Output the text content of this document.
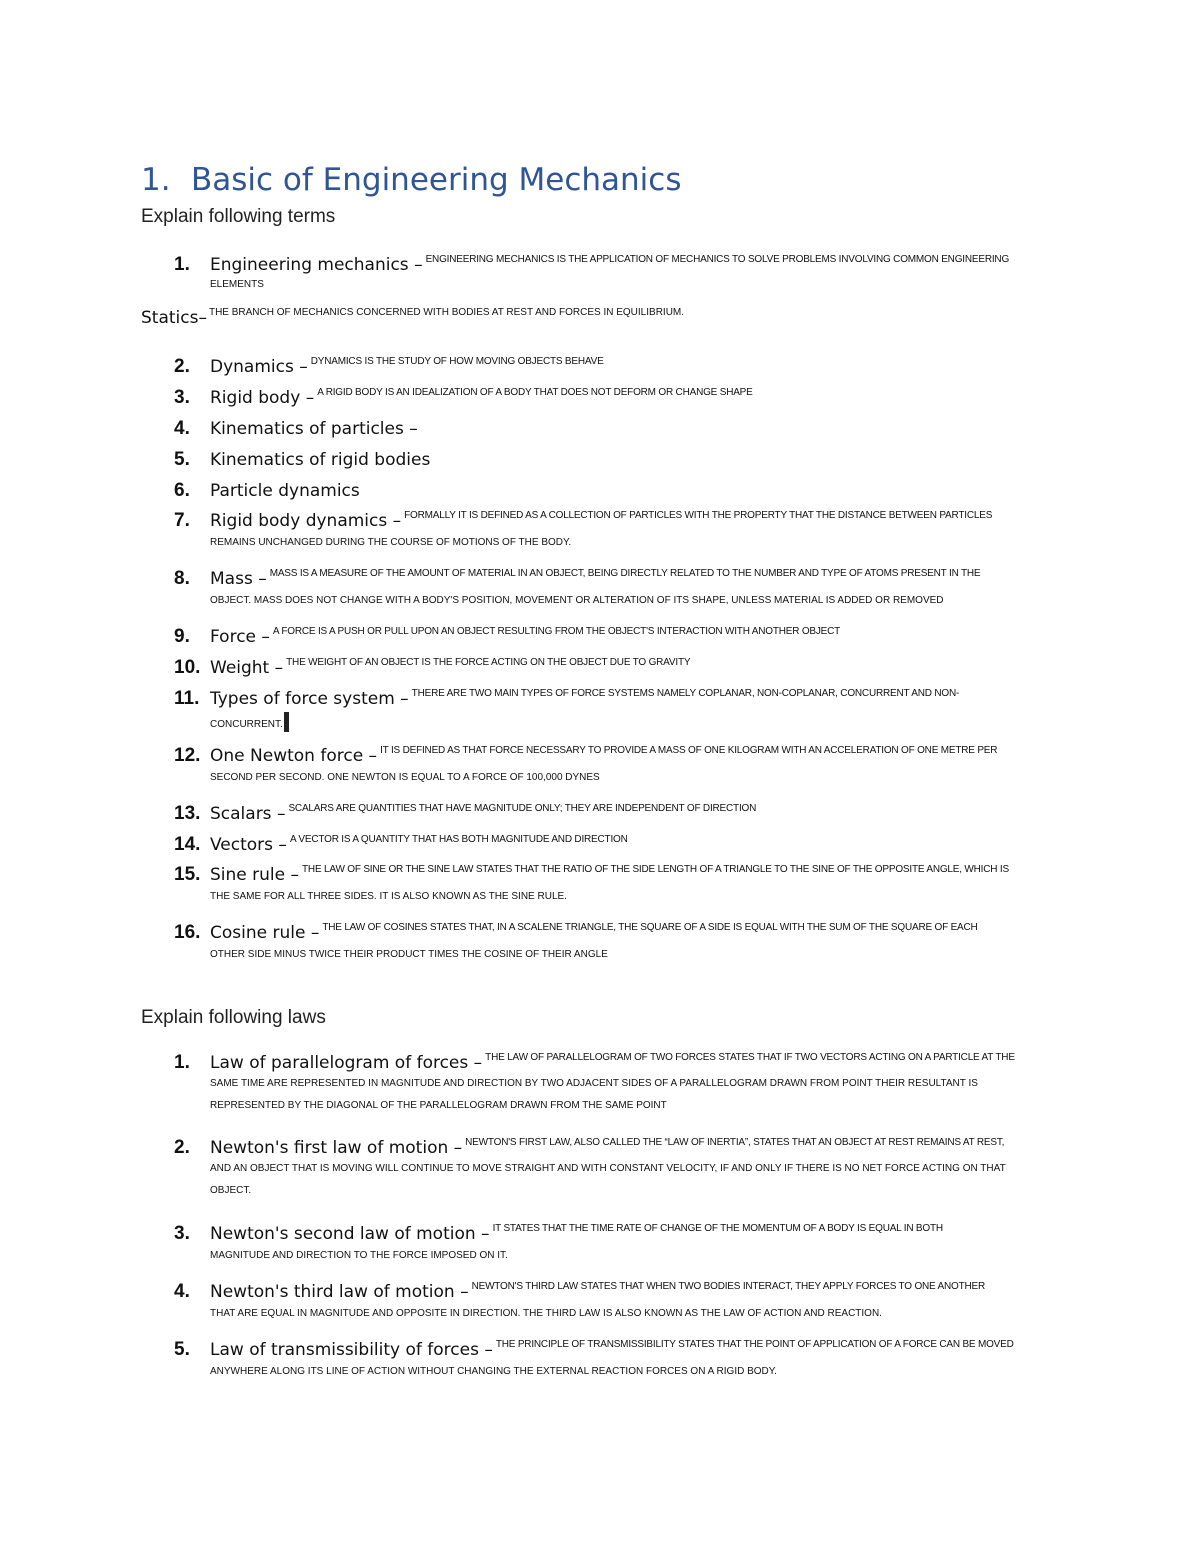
1. Basic of Engineering Mechanics
Explain following terms
1. Engineering mechanics – $^{ENGINEERING MECHANICS IS THE APPLICATION OF MECHANICS TO SOLVE PROBLEMS INVOLVING COMMON ENGINEERING}$
ELEMENTS
Statics– $^{THE BRANCH OF MECHANICS CONCERNED WITH BODIES AT REST AND FORCES IN EQUILIBRIUM.}$
2. Dynamics – $^{DYNAMICS IS THE STUDY OF HOW MOVING OBJECTS BEHAVE}$
3. Rigid body – $^{A RIGID BODY IS AN IDEALIZATION OF A BODY THAT DOES NOT DEFORM OR CHANGE SHAPE}$
4. Kinematics of particles –
5. Kinematics of rigid bodies
6. Particle dynamics
7. Rigid body dynamics – $^{FORMALLY IT IS DEFINED AS A COLLECTION OF PARTICLES WITH THE PROPERTY THAT THE DISTANCE BETWEEN PARTICLES}$
REMAINS UNCHANGED DURING THE COURSE OF MOTIONS OF THE BODY.
8. Mass – $^{MASS IS A MEASURE OF THE AMOUNT OF MATERIAL IN AN OBJECT, BEING DIRECTLY RELATED TO THE NUMBER AND TYPE OF ATOMS PRESENT IN THE}$
OBJECT. MASS DOES NOT CHANGE WITH A BODY'S POSITION, MOVEMENT OR ALTERATION OF ITS SHAPE, UNLESS MATERIAL IS ADDED OR REMOVED
9. Force – $^{A FORCE IS A PUSH OR PULL UPON AN OBJECT RESULTING FROM THE OBJECT'S INTERACTION WITH ANOTHER OBJECT}$
10. Weight – $^{THE WEIGHT OF AN OBJECT IS THE FORCE ACTING ON THE OBJECT DUE TO GRAVITY}$
11. Types of force system – $^{THERE ARE TWO MAIN TYPES OF FORCE SYSTEMS NAMELY COPLANAR, NON-COPLANAR, CONCURRENT AND NON-}$
CONCURRENT.
12. One Newton force – $^{IT IS DEFINED AS THAT FORCE NECESSARY TO PROVIDE A MASS OF ONE KILOGRAM WITH AN ACCELERATION OF ONE METRE PER}$
SECOND PER SECOND. ONE NEWTON IS EQUAL TO A FORCE OF 100,000 DYNES
13. Scalars – $^{SCALARS ARE QUANTITIES THAT HAVE MAGNITUDE ONLY; THEY ARE INDEPENDENT OF DIRECTION}$
14. Vectors – $^{A VECTOR IS A QUANTITY THAT HAS BOTH MAGNITUDE AND DIRECTION}$
15. Sine rule – $^{THE LAW OF SINE OR THE SINE LAW STATES THAT THE RATIO OF THE SIDE LENGTH OF A TRIANGLE TO THE SINE OF THE OPPOSITE ANGLE, WHICH IS}$
THE SAME FOR ALL THREE SIDES. IT IS ALSO KNOWN AS THE SINE RULE.
16. Cosine rule – $^{THE LAW OF COSINES STATES THAT, IN A SCALENE TRIANGLE, THE SQUARE OF A SIDE IS EQUAL WITH THE SUM OF THE SQUARE OF EACH}$
OTHER SIDE MINUS TWICE THEIR PRODUCT TIMES THE COSINE OF THEIR ANGLE
Explain following laws
1. Law of parallelogram of forces – $^{THE LAW OF PARALLELOGRAM OF TWO FORCES STATES THAT IF TWO VECTORS ACTING ON A PARTICLE AT THE}$
SAME TIME ARE REPRESENTED IN MAGNITUDE AND DIRECTION BY TWO ADJACENT SIDES OF A PARALLELOGRAM DRAWN FROM POINT THEIR RESULTANT IS
REPRESENTED BY THE DIAGONAL OF THE PARALLELOGRAM DRAWN FROM THE SAME POINT
2. Newton's first law of motion – $^{NEWTON'S FIRST LAW, ALSO CALLED THE “LAW OF INERTIA”, STATES THAT AN OBJECT AT REST REMAINS AT REST,}$
AND AN OBJECT THAT IS MOVING WILL CONTINUE TO MOVE STRAIGHT AND WITH CONSTANT VELOCITY, IF AND ONLY IF THERE IS NO NET FORCE ACTING ON THAT
OBJECT.
3. Newton's second law of motion – $^{IT STATES THAT THE TIME RATE OF CHANGE OF THE MOMENTUM OF A BODY IS EQUAL IN BOTH}$
MAGNITUDE AND DIRECTION TO THE FORCE IMPOSED ON IT.
4. Newton's third law of motion – $^{NEWTON'S THIRD LAW STATES THAT WHEN TWO BODIES INTERACT, THEY APPLY FORCES TO ONE ANOTHER}$
THAT ARE EQUAL IN MAGNITUDE AND OPPOSITE IN DIRECTION. THE THIRD LAW IS ALSO KNOWN AS THE LAW OF ACTION AND REACTION.
5. Law of transmissibility of forces – $^{THE PRINCIPLE OF TRANSMISSIBILITY STATES THAT THE POINT OF APPLICATION OF A FORCE CAN BE MOVED}$
ANYWHERE ALONG ITS LINE OF ACTION WITHOUT CHANGING THE EXTERNAL REACTION FORCES ON A RIGID BODY.
